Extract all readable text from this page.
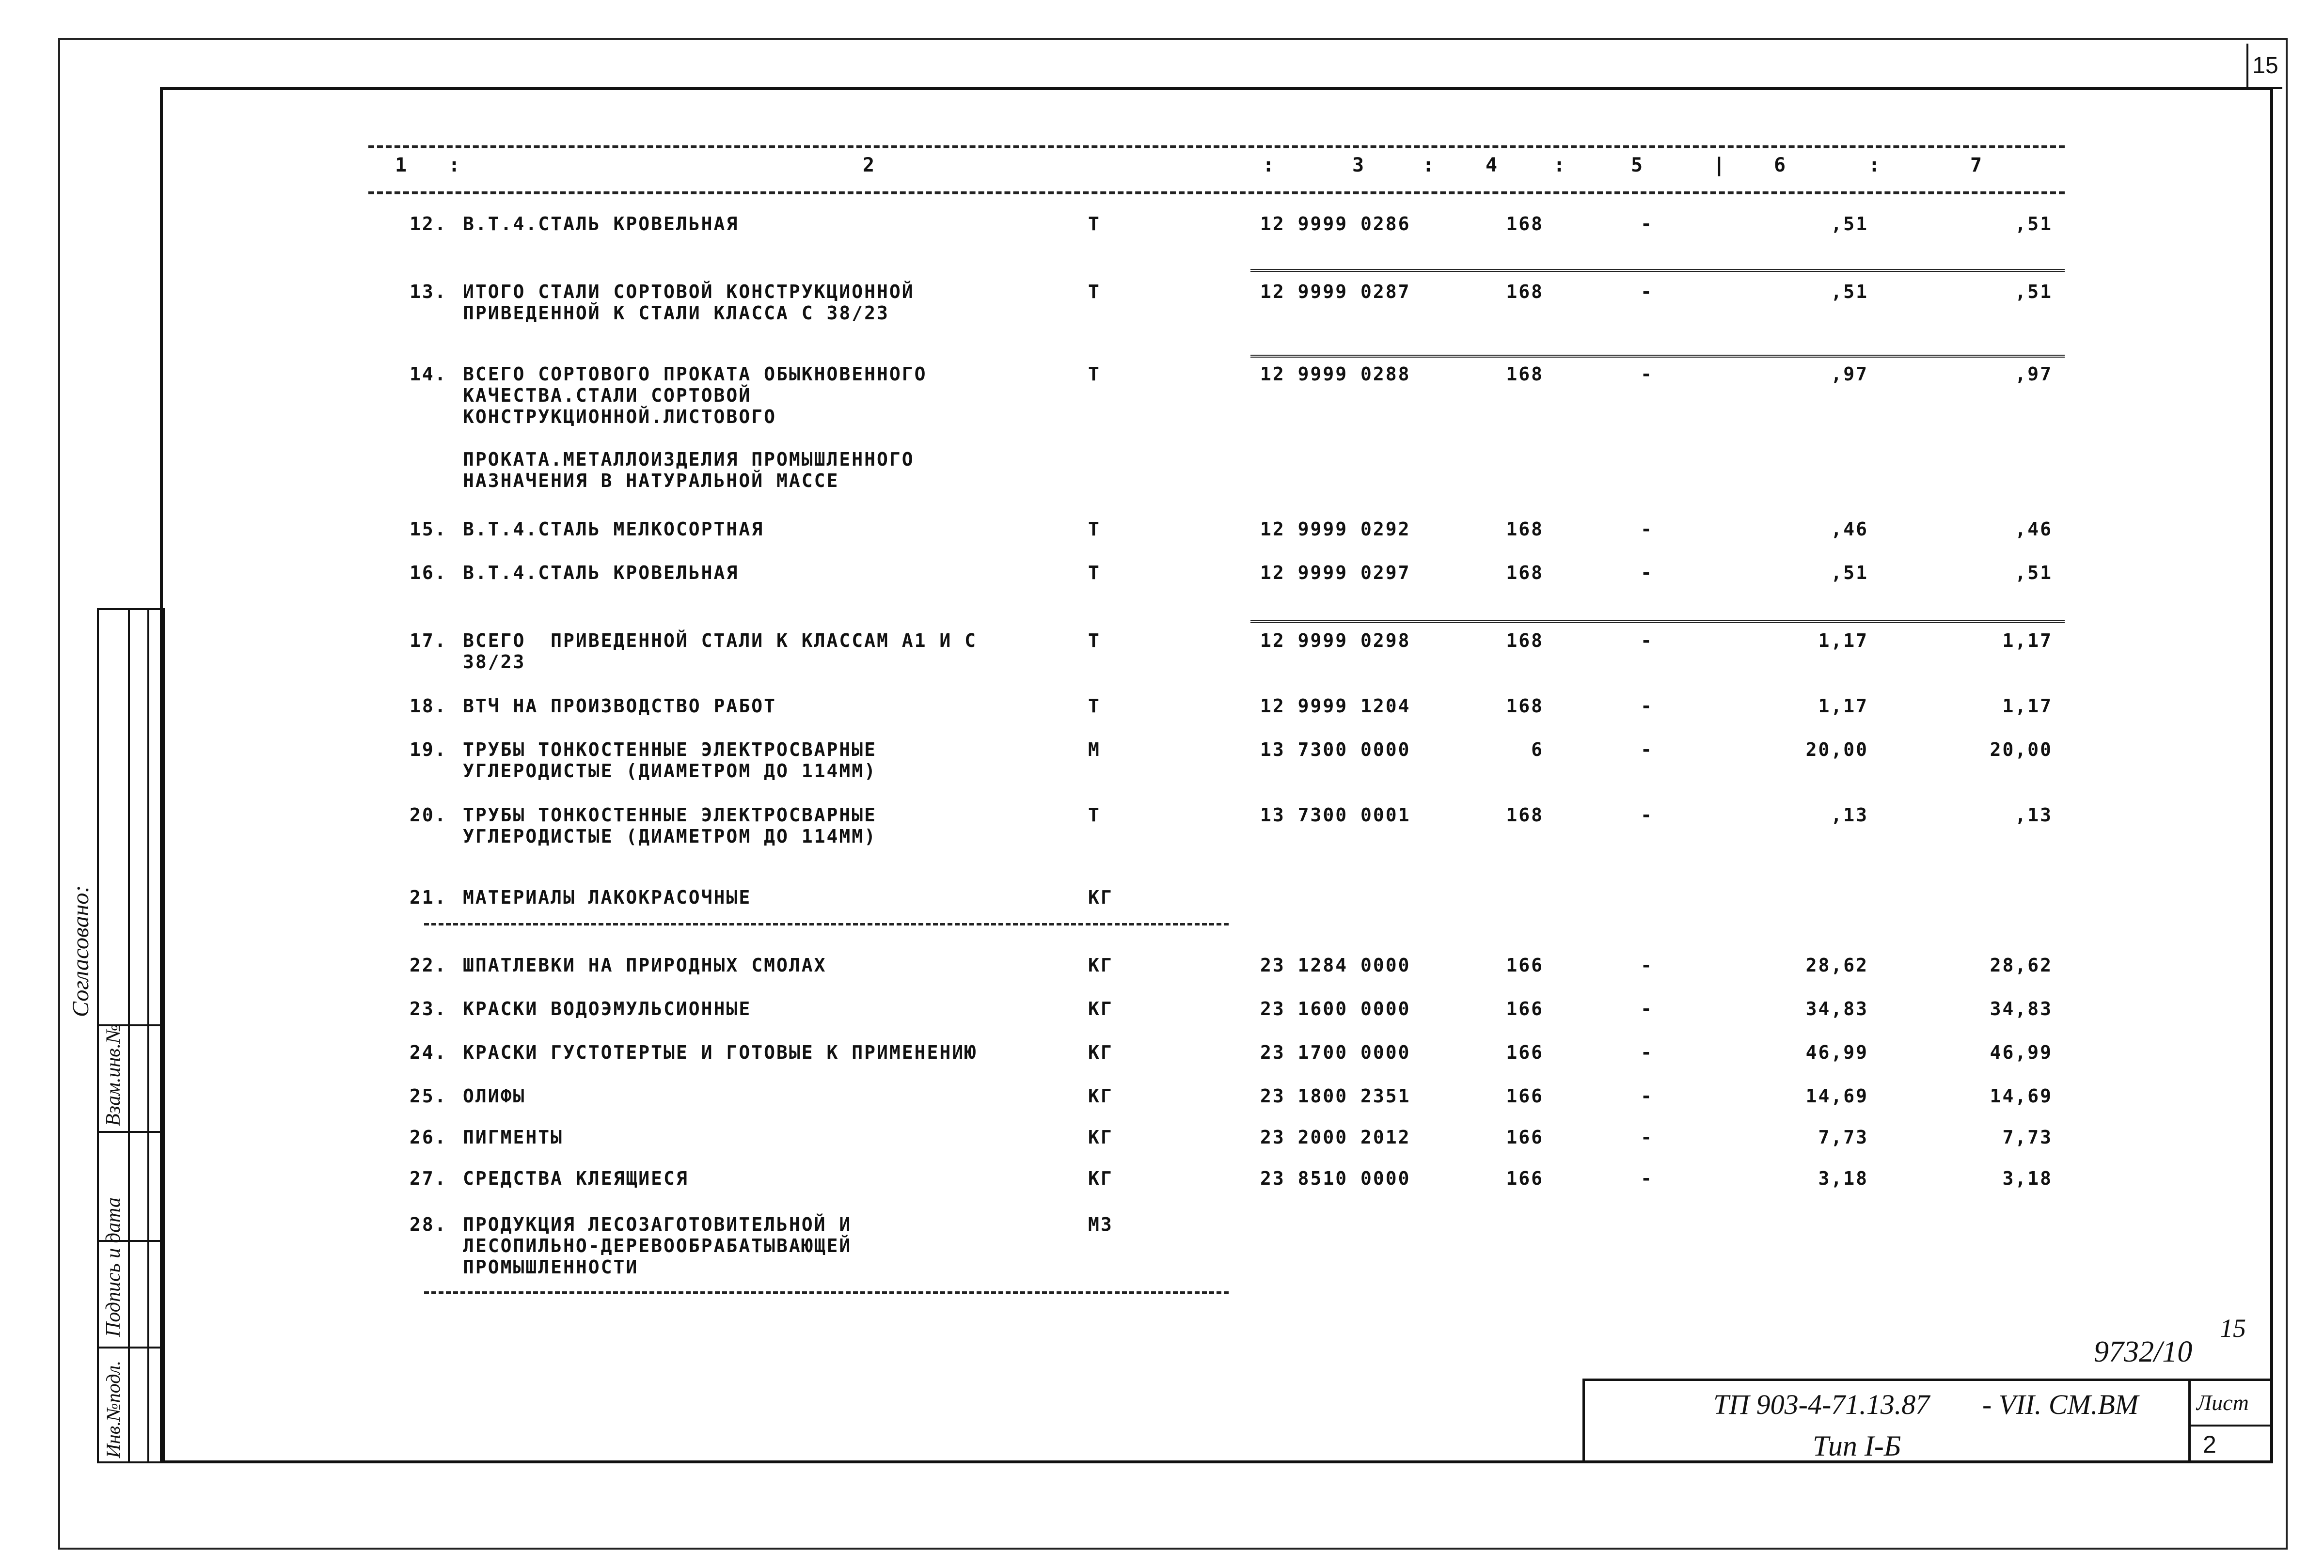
15
Согласовано:
Взам.инв.№
Подпись и дата
Инв.№подл.
1 :	2	:	3	:	4	:	5	|	6	:	7
12. В.Т.4.СТАЛЬ КРОВЕЛЬНАЯ	Т	12 9999 0286	168	-	,51	,51
13. ИТОГО СТАЛИ СОРТОВОЙ КОНСТРУКЦИОННОЙ
ПРИВЕДЕННОЙ К СТАЛИ КЛАССА С 38/23
Т	12 9999 0287	168	-	,51	,51
14. ВСЕГО СОРТОВОГО ПРОКАТА ОБЫКНОВЕННОГО
КАЧЕСТВА.СТАЛИ СОРТОВОЙ
КОНСТРУКЦИОННОЙ.ЛИСТОВОГО
ПРОКАТА.МЕТАЛЛОИЗДЕЛИЯ ПРОМЫШЛЕННОГО
НАЗНАЧЕНИЯ В НАТУРАЛЬНОЙ МАССЕ
Т	12 9999 0288	168	-	,97	,97
15. В.Т.4.СТАЛЬ МЕЛКОСОРТНАЯ	Т	12 9999 0292	168	-	,46	,46
16. В.Т.4.СТАЛЬ КРОВЕЛЬНАЯ	Т	12 9999 0297	168	-	,51	,51
17. ВСЕГО  ПРИВЕДЕННОЙ СТАЛИ К КЛАССАМ А1 И С
38/23
Т	12 9999 0298	168	-	1,17	1,17
18. ВТЧ НА ПРОИЗВОДСТВО РАБОТ	Т	12 9999 1204	168	-	1,17	1,17
19. ТРУБЫ ТОНКОСТЕННЫЕ ЭЛЕКТРОСВАРНЫЕ
УГЛЕРОДИСТЫЕ (ДИАМЕТРОМ ДО 114ММ)
М	13 7300 0000	6	-	20,00	20,00
20. ТРУБЫ ТОНКОСТЕННЫЕ ЭЛЕКТРОСВАРНЫЕ
УГЛЕРОДИСТЫЕ (ДИАМЕТРОМ ДО 114ММ)
Т	13 7300 0001	168	-	,13	,13
21. МАТЕРИАЛЫ ЛАКОКРАСОЧНЫЕ	КГ
22. ШПАТЛЕВКИ НА ПРИРОДНЫХ СМОЛАХ	КГ	23 1284 0000	166	-	28,62	28,62
23. КРАСКИ ВОДОЭМУЛЬСИОННЫЕ	КГ	23 1600 0000	166	-	34,83	34,83
24. КРАСКИ ГУСТОТЕРТЫЕ И ГОТОВЫЕ К ПРИМЕНЕНИЮ	КГ	23 1700 0000	166	-	46,99	46,99
25. ОЛИФЫ	КГ	23 1800 2351	166	-	14,69	14,69
26. ПИГМЕНТЫ	КГ	23 2000 2012	166	-	7,73	7,73
27. СРЕДСТВА КЛЕЯЩИЕСЯ	КГ	23 8510 0000	166	-	3,18	3,18
28. ПРОДУКЦИЯ ЛЕСОЗАГОТОВИТЕЛЬНОЙ И
ЛЕСОПИЛЬНО-ДЕРЕВООБРАБАТЫВАЮЩЕЙ
ПРОМЫШЛЕННОСТИ
М3
9732/10
15
ТП 903-4-71.13.87 - VII. СМ.ВМ
Тип I-Б
Лист
2
